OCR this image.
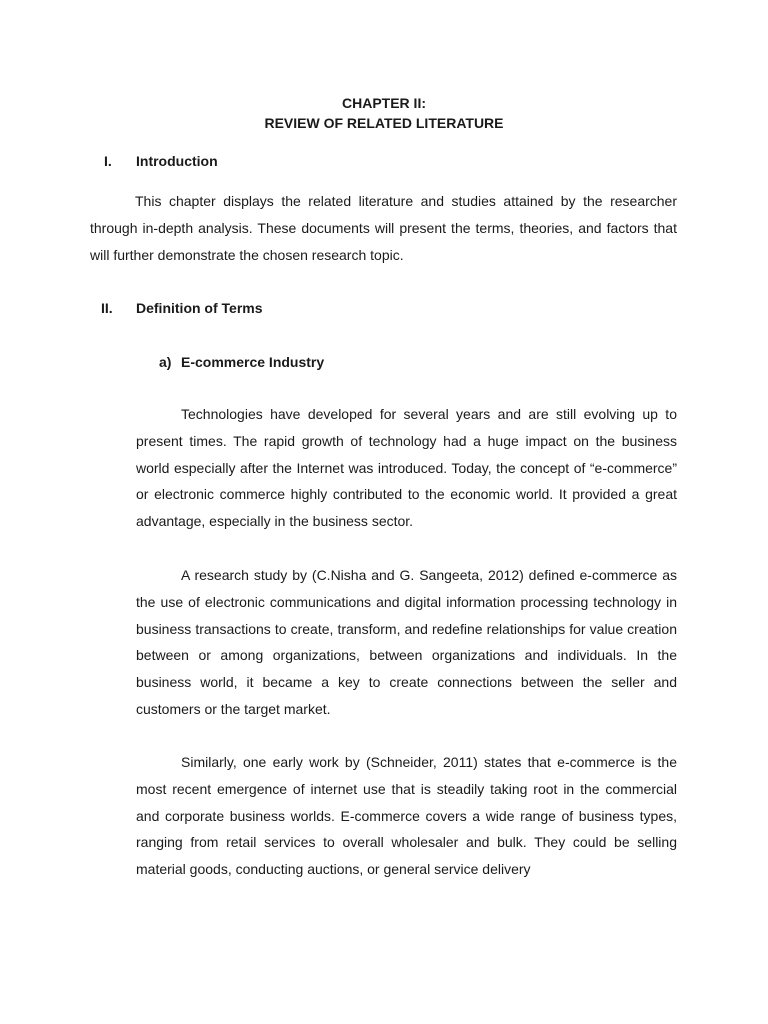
CHAPTER II:
REVIEW OF RELATED LITERATURE
I. Introduction

This chapter displays the related literature and studies attained by the researcher through in-depth analysis. These documents will present the terms, theories, and factors that will further demonstrate the chosen research topic.

II. Definition of Terms
a) E-commerce Industry

Technologies have developed for several years and are still evolving up to present times. The rapid growth of technology had a huge impact on the business world especially after the Internet was introduced. Today, the concept of “e-commerce” or electronic commerce highly contributed to the economic world. It provided a great advantage, especially in the business sector.

A research study by (C.Nisha and G. Sangeeta, 2012) defined e-commerce as the use of electronic communications and digital information processing technology in business transactions to create, transform, and redefine relationships for value creation between or among organizations, between organizations and individuals. In the business world, it became a key to create connections between the seller and customers or the target market.

Similarly, one early work by (Schneider, 2011) states that e-commerce is the most recent emergence of internet use that is steadily taking root in the commercial and corporate business worlds. E-commerce covers a wide range of business types, ranging from retail services to overall wholesaler and bulk. They could be selling material goods, conducting auctions, or general service delivery
